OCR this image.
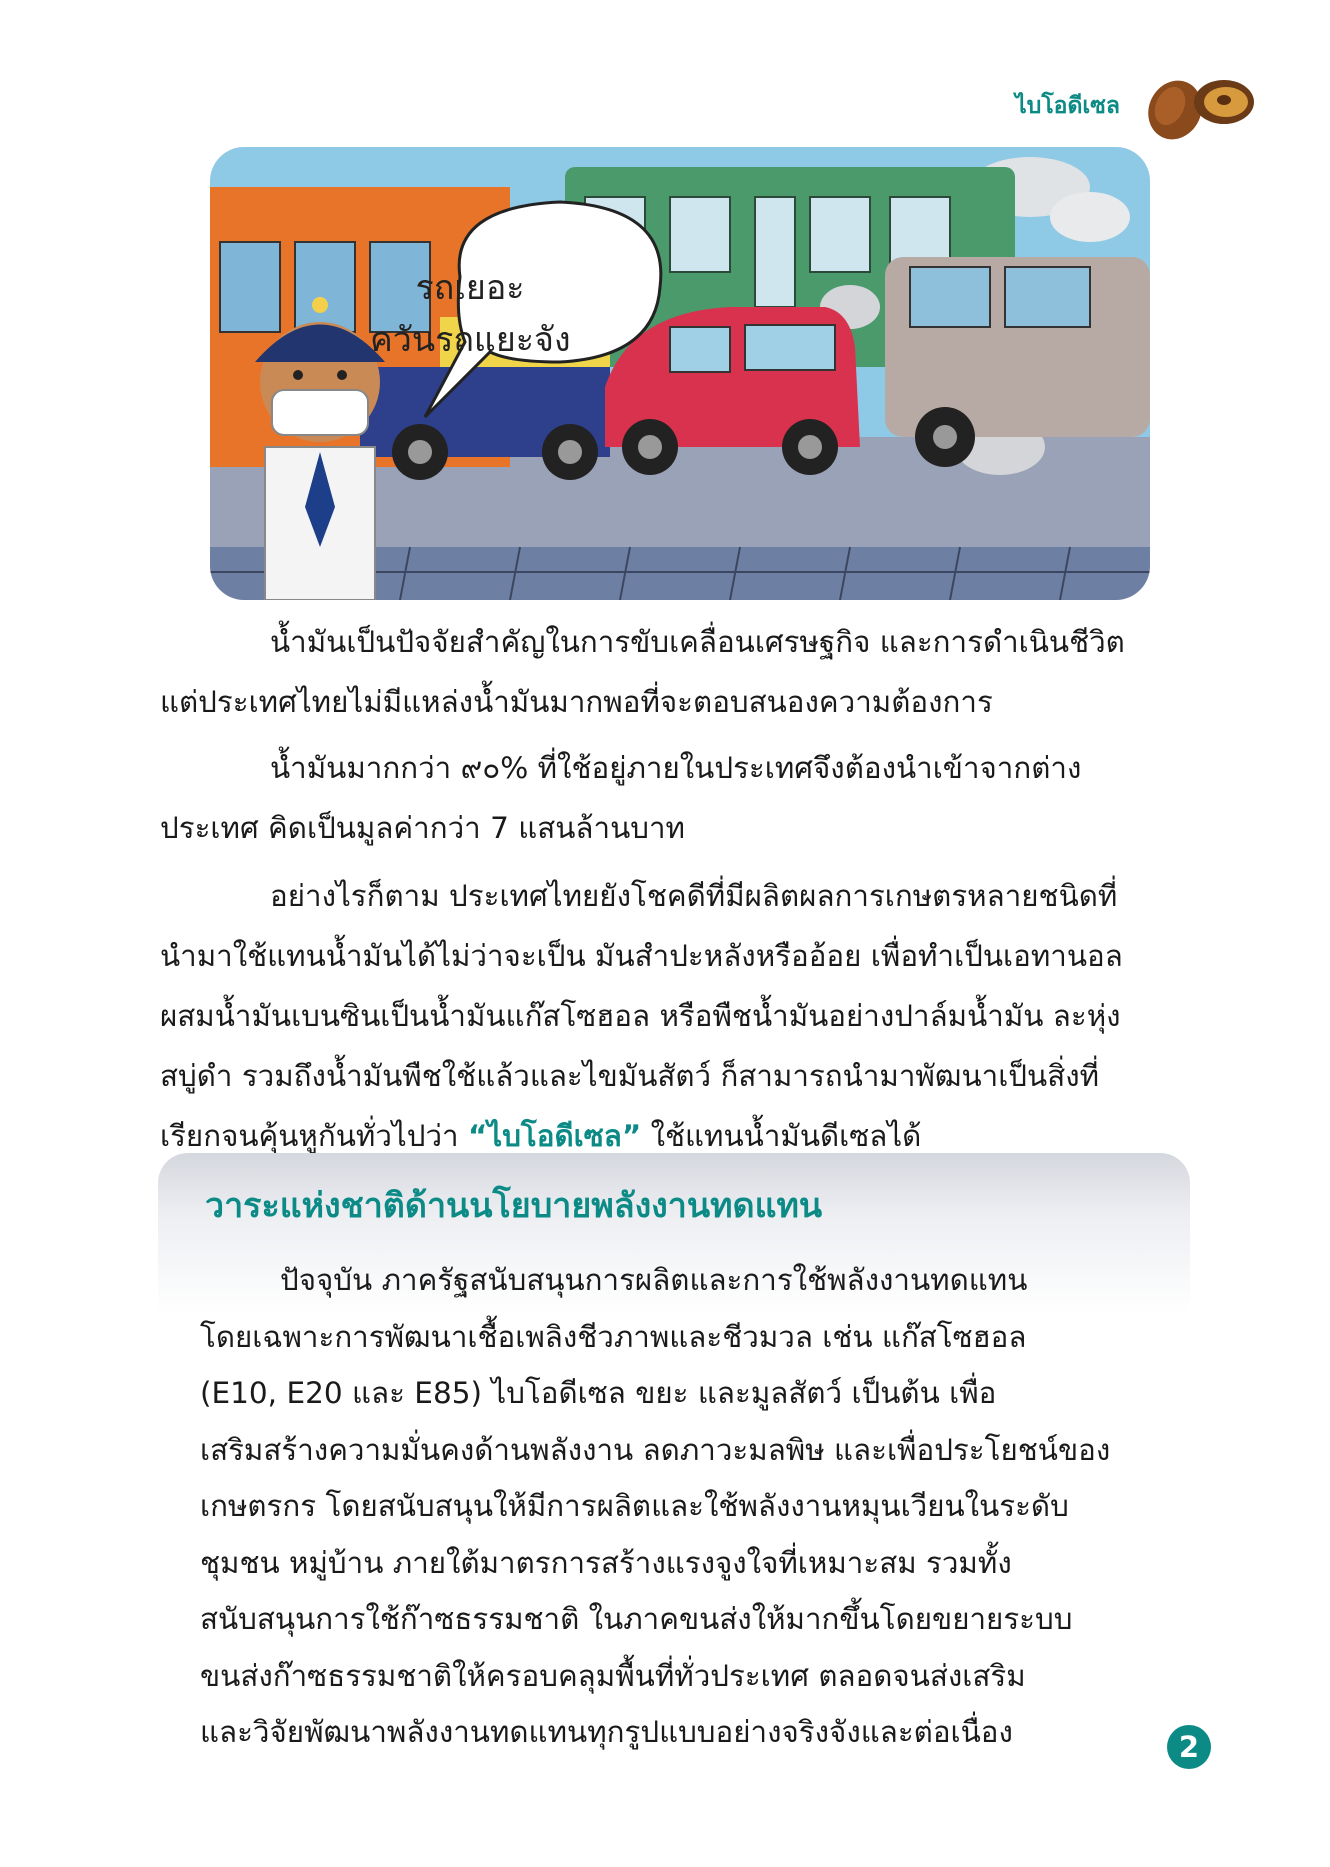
ไบโอดีเซล
รถเยอะ
ควันรถแยะจัง
น้ำมันเป็นปัจจัยสำคัญในการขับเคลื่อนเศรษฐกิจ และการดำเนินชีวิต
แต่ประเทศไทยไม่มีแหล่งน้ำมันมากพอที่จะตอบสนองความต้องการ
น้ำมันมากกว่า ๙๐% ที่ใช้อยู่ภายในประเทศจึงต้องนำเข้าจากต่าง
ประเทศ คิดเป็นมูลค่ากว่า 7 แสนล้านบาท
อย่างไรก็ตาม ประเทศไทยยังโชคดีที่มีผลิตผลการเกษตรหลายชนิดที่
นำมาใช้แทนน้ำมันได้ไม่ว่าจะเป็น มันสำปะหลังหรืออ้อย เพื่อทำเป็นเอทานอล
ผสมน้ำมันเบนซินเป็นน้ำมันแก๊สโซฮอล หรือพืชน้ำมันอย่างปาล์มน้ำมัน ละหุ่ง
สบู่ดำ รวมถึงน้ำมันพืชใช้แล้วและไขมันสัตว์ ก็สามารถนำมาพัฒนาเป็นสิ่งที่
เรียกจนคุ้นหูกันทั่วไปว่า “ไบโอดีเซล” ใช้แทนน้ำมันดีเซลได้
วาระแห่งชาติด้านนโยบายพลังงานทดแทน
ปัจจุบัน ภาครัฐสนับสนุนการผลิตและการใช้พลังงานทดแทน
โดยเฉพาะการพัฒนาเชื้อเพลิงชีวภาพและชีวมวล เช่น แก๊สโซฮอล
(E10, E20 และ E85) ไบโอดีเซล ขยะ และมูลสัตว์ เป็นต้น เพื่อ
เสริมสร้างความมั่นคงด้านพลังงาน ลดภาวะมลพิษ และเพื่อประโยชน์ของ
เกษตรกร โดยสนับสนุนให้มีการผลิตและใช้พลังงานหมุนเวียนในระดับ
ชุมชน หมู่บ้าน ภายใต้มาตรการสร้างแรงจูงใจที่เหมาะสม รวมทั้ง
สนับสนุนการใช้ก๊าซธรรมชาติ ในภาคขนส่งให้มากขึ้นโดยขยายระบบ
ขนส่งก๊าซธรรมชาติให้ครอบคลุมพื้นที่ทั่วประเทศ ตลอดจนส่งเสริม
และวิจัยพัฒนาพลังงานทดแทนทุกรูปแบบอย่างจริงจังและต่อเนื่อง	2
